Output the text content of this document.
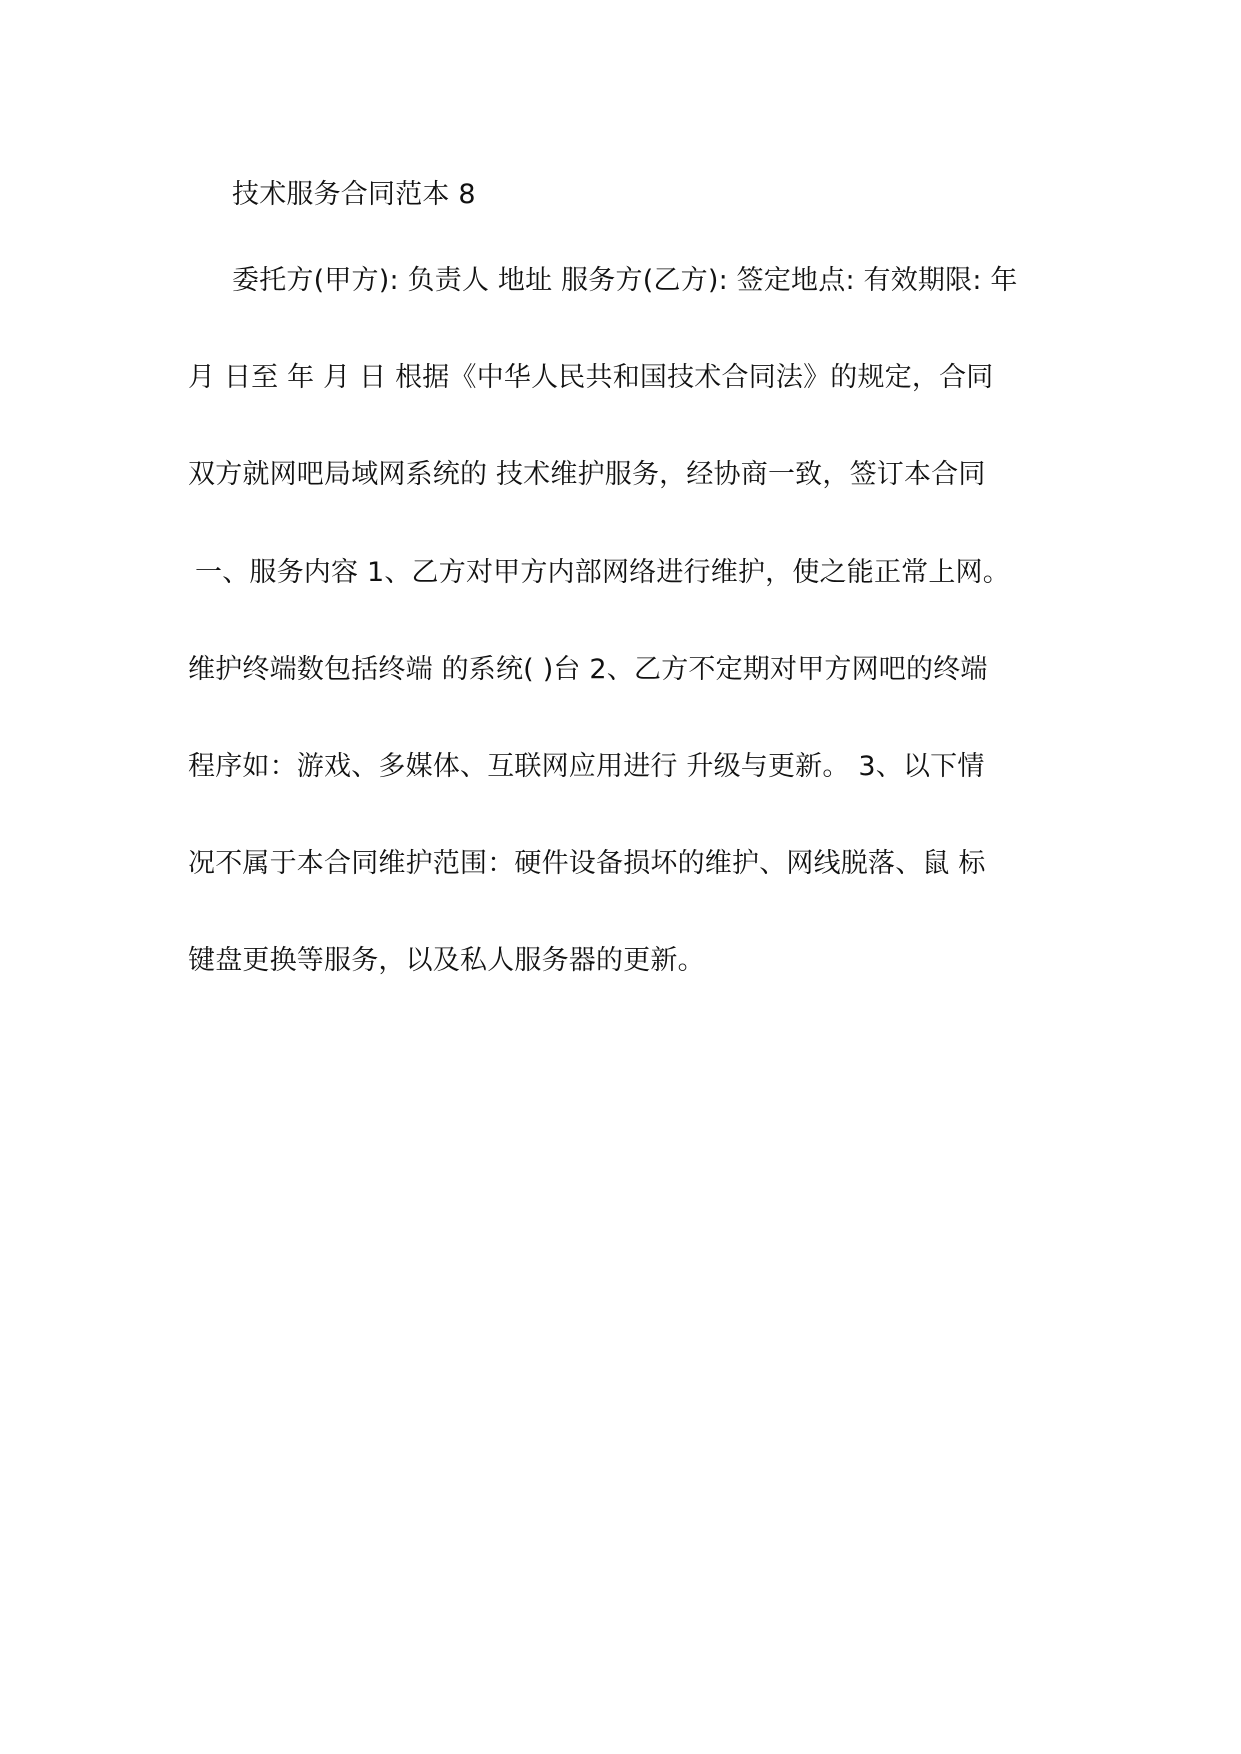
技术服务合同范本 8
委托方(甲方): 负责人 地址 服务方(乙方): 签定地点: 有效期限: 年
月 日至 年 月 日 根据《中华人民共和国技术合同法》的规定，合同
双方就网吧局域网系统的 技术维护服务，经协商一致，签订本合同
一、服务内容 1、乙方对甲方内部网络进行维护，使之能正常上网。
维护终端数包括终端 的系统( )台 2、乙方不定期对甲方网吧的终端
程序如：游戏、多媒体、互联网应用进行 升级与更新。 3、以下情
况不属于本合同维护范围：硬件设备损坏的维护、网线脱落、鼠 标
键盘更换等服务，以及私人服务器的更新。
